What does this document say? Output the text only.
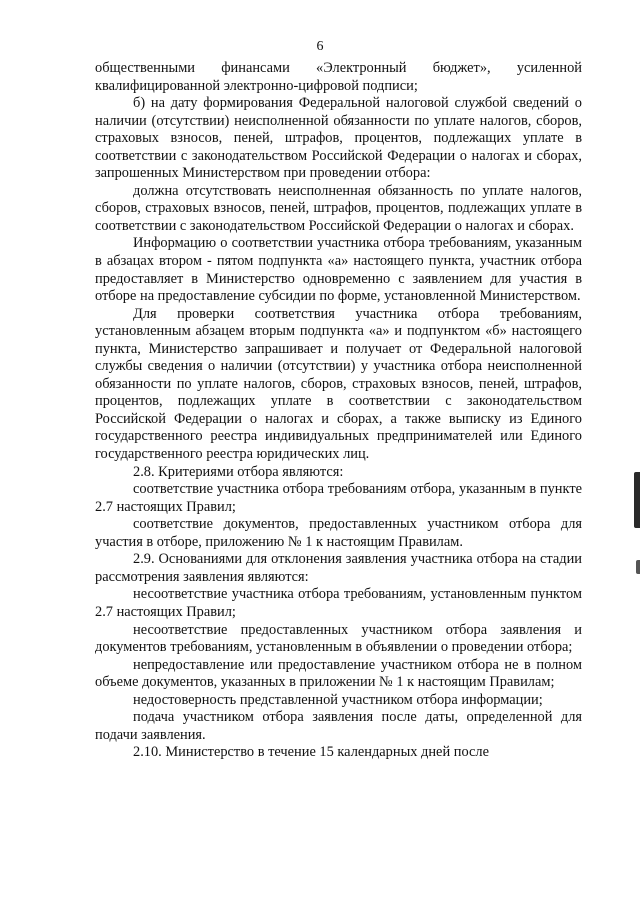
6

общественными финансами «Электронный бюджет», усиленной квалифицированной электронно-цифровой подписи;

б) на дату формирования Федеральной налоговой службой сведений о наличии (отсутствии) неисполненной обязанности по уплате налогов, сборов, страховых взносов, пеней, штрафов, процентов, подлежащих уплате в соответствии с законодательством Российской Федерации о налогах и сборах, запрошенных Министерством при проведении отбора:

должна отсутствовать неисполненная обязанность по уплате налогов, сборов, страховых взносов, пеней, штрафов, процентов, подлежащих уплате в соответствии с законодательством Российской Федерации о налогах и сборах.

Информацию о соответствии участника отбора требованиям, указанным в абзацах втором - пятом подпункта «а» настоящего пункта, участник отбора предоставляет в Министерство одновременно с заявлением для участия в отборе на предоставление субсидии по форме, установленной Министерством.

Для проверки соответствия участника отбора требованиям, установленным абзацем вторым подпункта «а» и подпунктом «б» настоящего пункта, Министерство запрашивает и получает от Федеральной налоговой службы сведения о наличии (отсутствии) у участника отбора неисполненной обязанности по уплате налогов, сборов, страховых взносов, пеней, штрафов, процентов, подлежащих уплате в соответствии с законодательством Российской Федерации о налогах и сборах, а также выписку из Единого государственного реестра индивидуальных предпринимателей или Единого государственного реестра юридических лиц.

2.8. Критериями отбора являются:

соответствие участника отбора требованиям отбора, указанным в пункте 2.7 настоящих Правил;

соответствие документов, предоставленных участником отбора для участия в отборе, приложению № 1 к настоящим Правилам.

2.9. Основаниями для отклонения заявления участника отбора на стадии рассмотрения заявления являются:

несоответствие участника отбора требованиям, установленным пунктом 2.7 настоящих Правил;

несоответствие предоставленных участником отбора заявления и документов требованиям, установленным в объявлении о проведении отбора;

непредоставление или предоставление участником отбора не в полном объеме документов, указанных в приложении № 1 к настоящим Правилам;

недостоверность представленной участником отбора информации;

подача участником отбора заявления после даты, определенной для подачи заявления.

2.10. Министерство в течение 15 календарных дней после
